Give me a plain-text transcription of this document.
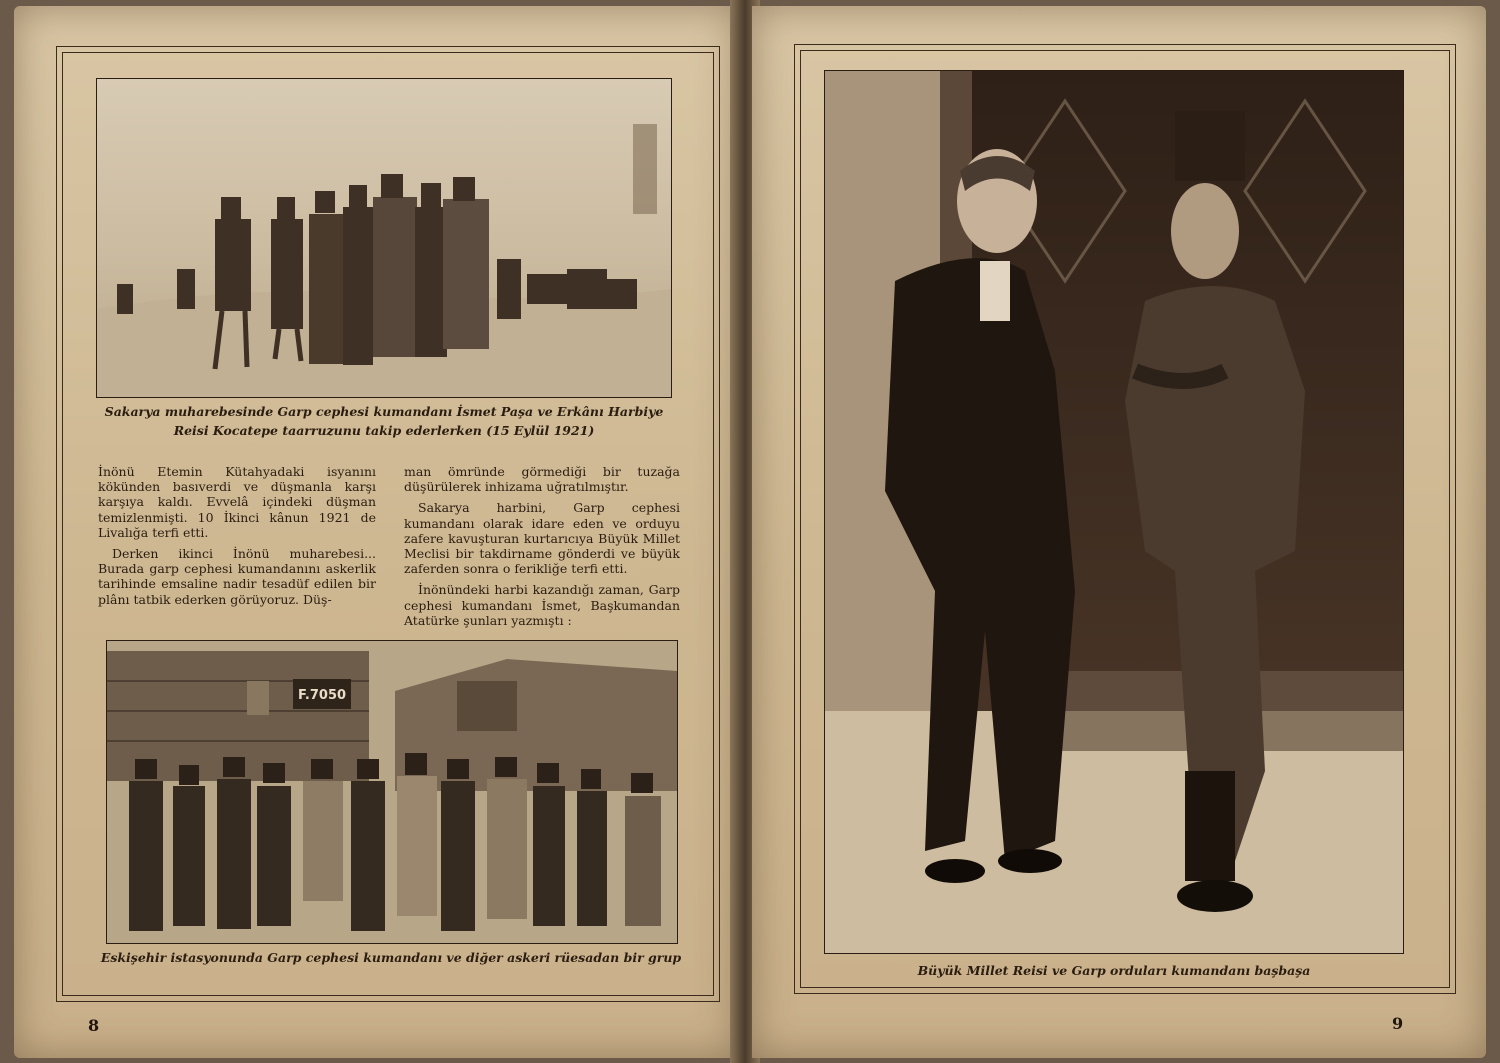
Sakarya muharebesinde Garp cephesi kumandanı İsmet Paşa ve Erkânı Harbiye
Reisi Kocatepe taarruzunu takip ederlerken (15 Eylül 1921)

İnönü Etemin Kütahyadaki isyanını kökünden basıverdi ve düşmanla karşı karşıya kaldı. Evvelâ içindeki düşman temizlenmişti. 10 İkinci kânun 1921 de Livalığa terfi etti.

Derken ikinci İnönü muharebesi... Burada garp cephesi kumandanını askerlik tarihinde emsaline nadir tesadüf edilen bir plânı tatbik ederken görüyoruz. Düş-

man ömründe görmediği bir tuzağa düşürülerek inhizama uğratılmıştır.

Sakarya harbini, Garp cephesi kumandanı olarak idare eden ve orduyu zafere kavuşturan kurtarıcıya Büyük Millet Meclisi bir takdirname gönderdi ve büyük zaferden sonra o ferikliğe terfi etti.

İnönündeki harbi kazandığı zaman, Garp cephesi kumandanı İsmet, Başkumandan Atatürke şunları yazmıştı :

F.7050
Eskişehir istasyonunda Garp cephesi kumandanı ve diğer askeri rüesadan bir grup
8
Büyük Millet Reisi ve Garp orduları kumandanı başbaşa
9
